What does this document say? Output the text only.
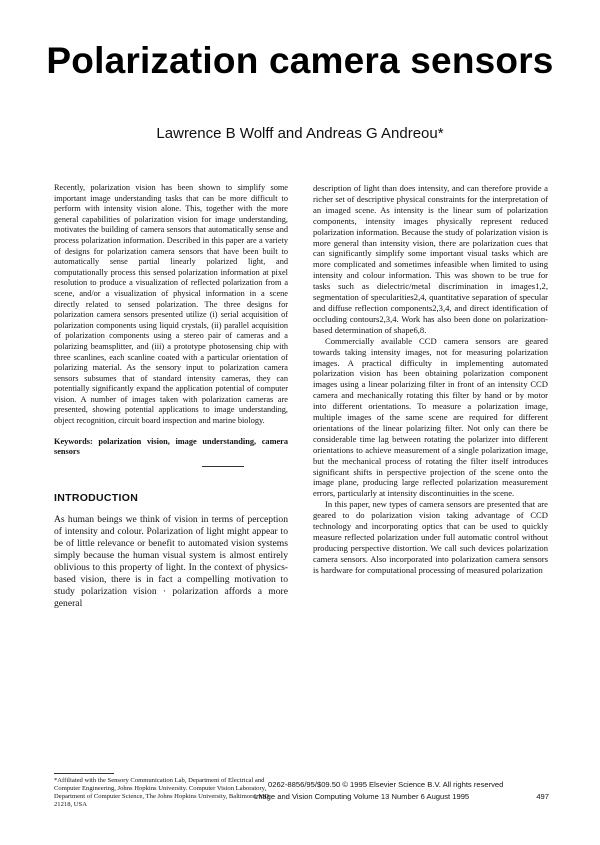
Polarization camera sensors
Lawrence B Wolff and Andreas G Andreou*

Recently, polarization vision has been shown to simplify some important image understanding tasks that can be more difficult to perform with intensity vision alone. This, together with the more general capabilities of polarization vision for image understanding, motivates the building of camera sensors that automatically sense and process polarization information. Described in this paper are a variety of designs for polarization camera sensors that have been built to automatically sense partial linearly polarized light, and computationally process this sensed polarization information at pixel resolution to produce a visualization of reflected polarization from a scene, and/or a visualization of physical information in a scene directly related to sensed polarization. The three designs for polarization camera sensors presented utilize (i) serial acquisition of polarization components using liquid crystals, (ii) parallel acquisition of polarization components using a stereo pair of cameras and a polarizing beamsplitter, and (iii) a prototype photosensing chip with three scanlines, each scanline coated with a particular orientation of polarizing material. As the sensory input to polarization camera sensors subsumes that of standard intensity cameras, they can potentially significantly expand the application potential of computer vision. A number of images taken with polarization cameras are presented, showing potential applications to image understanding, object recognition, circuit board inspection and marine biology.

Keywords: polarization vision, image understanding, camera sensors
INTRODUCTION

As human beings we think of vision in terms of perception of intensity and colour. Polarization of light might appear to be of little relevance or benefit to automated vision systems simply because the human visual system is almost entirely oblivious to this property of light. In the context of physics-based vision, there is in fact a compelling motivation to study polarization vision · polarization affords a more general

*Affiliated with the Sensory Communication Lab, Department of Electrical and Computer Engineering, Johns Hopkins University. Computer Vision Laboratory, Department of Computer Science, The Johns Hopkins University, Baltimore, MD 21218, USA

description of light than does intensity, and can therefore provide a richer set of descriptive physical constraints for the interpretation of an imaged scene. As intensity is the linear sum of polarization components, intensity images physically represent reduced polarization information. Because the study of polarization vision is more general than intensity vision, there are polarization cues that can significantly simplify some important visual tasks which are more complicated and sometimes infeasible when limited to using intensity and colour information. This was shown to be true for tasks such as dielectric/metal discrimination in images1,2, segmentation of specularities2,4, quantitative separation of specular and diffuse reflection components2,3,4, and direct identification of occluding contours2,3,4. Work has also been done on polarization-based determination of shape6,8.

Commercially available CCD camera sensors are geared towards taking intensity images, not for measuring polarization images. A practical difficulty in implementing automated polarization vision has been obtaining polarization component images using a linear polarizing filter in front of an intensity CCD camera and mechanically rotating this filter by hand or by motor into different orientations. To measure a polarization image, multiple images of the same scene are required for different orientations of the linear polarizing filter. Not only can there be considerable time lag between rotating the polarizer into different orientations to achieve measurement of a single polarization image, but the mechanical process of rotating the filter itself introduces significant shifts in perspective projection of the scene onto the image plane, producing large reflected polarization measurement errors, particularly at intensity discontinuities in the scene.

In this paper, new types of camera sensors are presented that are geared to do polarization vision taking advantage of CCD technology and incorporating optics that can be used to quickly measure reflected polarization under full automatic control without producing perspective distortion. We call such devices polarization camera sensors. Also incorporated into polarization camera sensors is hardware for computational processing of measured polarization

0262-8856/95/$09.50 © 1995 Elsevier Science B.V. All rights reserved
Image and Vision Computing Volume 13 Number 6 August 1995	497
